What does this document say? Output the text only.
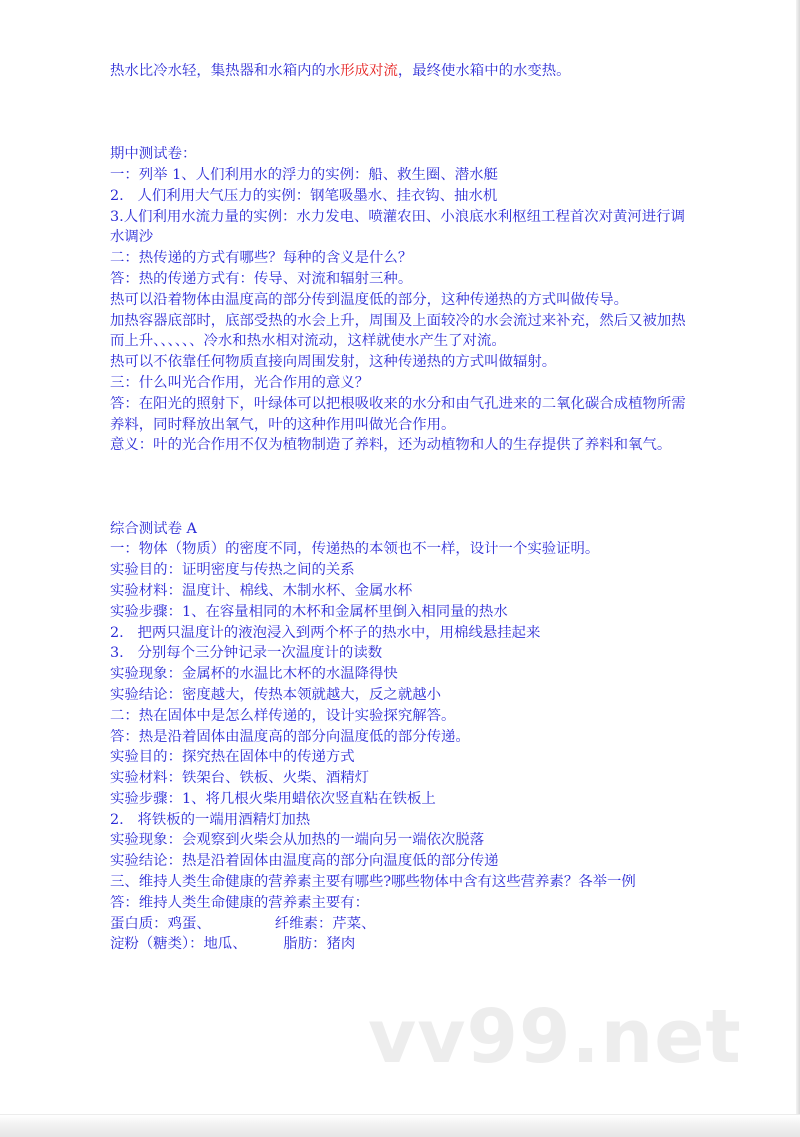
热水比冷水轻，集热器和水箱内的水形成对流，最终使水箱中的水变热。

期中测试卷：

一：列举 1、人们利用水的浮力的实例：船、救生圈、潜水艇

2.   人们利用大气压力的实例：钢笔吸墨水、挂衣钩、抽水机

3.人们利用水流力量的实例：水力发电、喷灌农田、小浪底水利枢纽工程首次对黄河进行调水调沙

二：热传递的方式有哪些？每种的含义是什么？

答：热的传递方式有：传导、对流和辐射三种。

热可以沿着物体由温度高的部分传到温度低的部分，这种传递热的方式叫做传导。

加热容器底部时，底部受热的水会上升，周围及上面较冷的水会流过来补充，然后又被加热而上升、、、、、、冷水和热水相对流动，这样就使水产生了对流。

热可以不依靠任何物质直接向周围发射，这种传递热的方式叫做辐射。

三：什么叫光合作用，光合作用的意义？

答：在阳光的照射下，叶绿体可以把根吸收来的水分和由气孔进来的二氧化碳合成植物所需养料，同时释放出氧气，叶的这种作用叫做光合作用。

意义：叶的光合作用不仅为植物制造了养料，还为动植物和人的生存提供了养料和氧气。

综合测试卷 A

一：物体（物质）的密度不同，传递热的本领也不一样，设计一个实验证明。

实验目的：证明密度与传热之间的关系

实验材料：温度计、棉线、木制水杯、金属水杯

实验步骤：1、在容量相同的木杯和金属杯里倒入相同量的热水

2.   把两只温度计的液泡浸入到两个杯子的热水中，用棉线悬挂起来

3.   分别每个三分钟记录一次温度计的读数

实验现象：金属杯的水温比木杯的水温降得快

实验结论：密度越大，传热本领就越大，反之就越小

二：热在固体中是怎么样传递的，设计实验探究解答。

答：热是沿着固体由温度高的部分向温度低的部分传递。

实验目的：探究热在固体中的传递方式

实验材料：铁架台、铁板、火柴、酒精灯

实验步骤：1、将几根火柴用蜡依次竖直粘在铁板上

2.   将铁板的一端用酒精灯加热

实验现象：会观察到火柴会从加热的一端向另一端依次脱落

实验结论：热是沿着固体由温度高的部分向温度低的部分传递

三、维持人类生命健康的营养素主要有哪些?哪些物体中含有这些营养素？各举一例

答：维持人类生命健康的营养素主要有：

蛋白质：鸡蛋、              纤维素：芹菜、

淀粉（糖类）：地瓜、        脂肪：猪肉

vv99.net
